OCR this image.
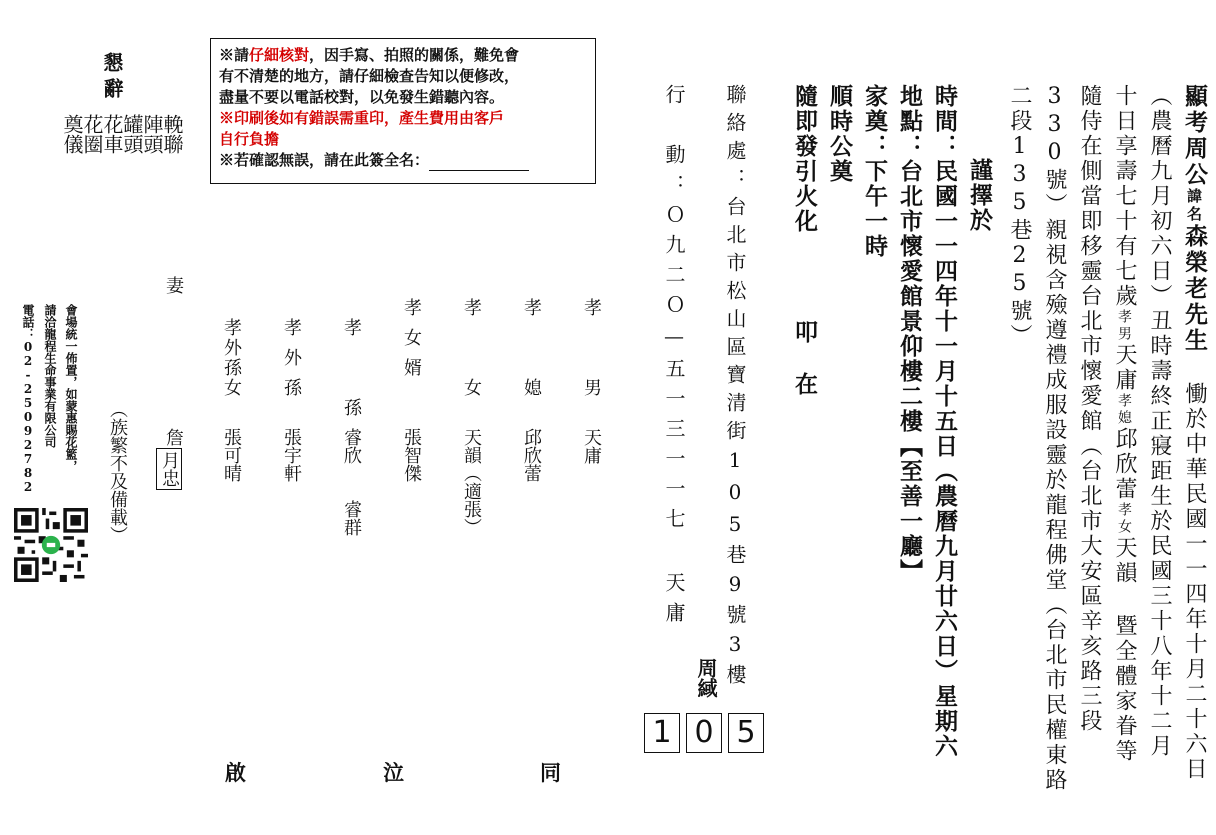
顯考周公諱名森榮老先生 慟於中華民國一一四年十月二十六日
（農曆九月初六日）丑時壽終正寢距生於民國三十八年十二月
十日享壽七十有七歲孝男天庸孝媳邱欣蕾孝女天韻 暨全體家眷等
隨侍在側當即移靈台北市懷愛館（台北市大安區辛亥路三段
330號）親視含殮遵禮成服設靈於龍程佛堂（台北市民權東路
二段135巷25號）
謹擇於
時間：民國一一四年十一月十五日（農曆九月廿六日）星期六
地點：台北市懷愛館景仰樓二樓【至善一廳】
家奠：下午一時
順時公奠
隨即發引火化
叩
在
聯絡處：台北市松山區寶清街105巷9號3樓
行　動：Ｏ九二Ｏ—五一三一一七 天庸
周緎
1 0 5
孝　男
天庸
孝　媳
邱欣蕾
孝　女
天韻（適張）
孝女婿
張智傑
孝　孫
睿欣　　睿群
孝外孫
張宇軒
孝外孫女
張可晴
妻
詹
月忠
（族繁不及備載）
懇辭
輓聯
陣頭
罐頭
花車
花圈
奠儀
會場統一佈置，如蒙惠賜花籃，
請洽龍程生命事業有限公司
電話：02-25092782
※請仔細核對，因手寫、拍照的關係，難免會
有不清楚的地方，請仔細檢查告知以便修改，
盡量不要以電話校對，以免發生錯聽內容。
※印刷後如有錯誤需重印，產生費用由客戶
自行負擔
※若確認無誤，請在此簽全名：
同
泣
啟
